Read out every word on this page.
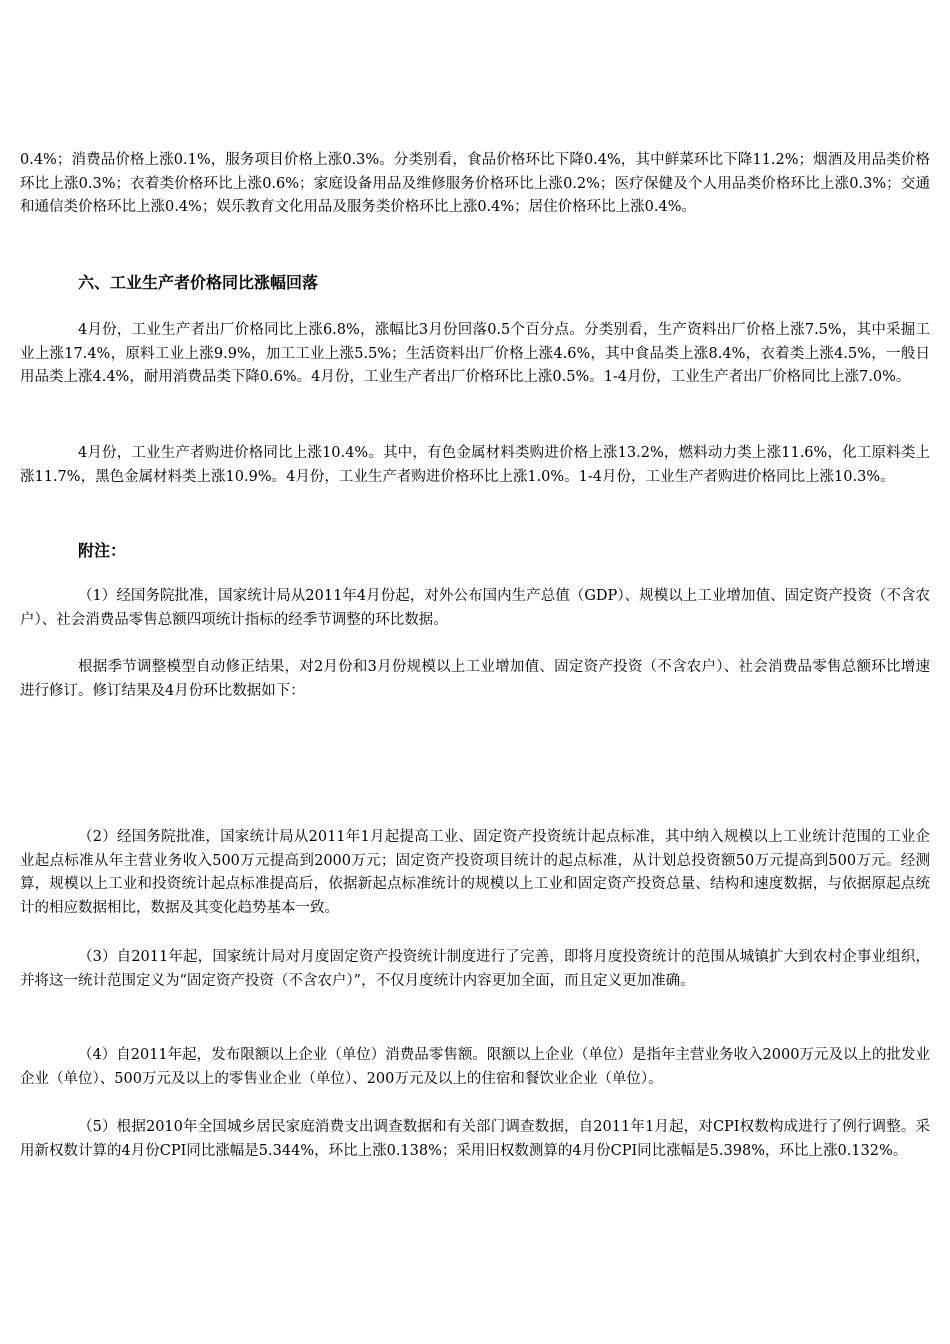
0.4%；消费品价格上涨0.1%，服务项目价格上涨0.3%。分类别看，食品价格环比下降0.4%，其中鲜菜环比下降11.2%；烟酒及用品类价格环比上涨0.3%；衣着类价格环比上涨0.6%；家庭设备用品及维修服务价格环比上涨0.2%；医疗保健及个人用品类价格环比上涨0.3%；交通和通信类价格环比上涨0.4%；娱乐教育文化用品及服务类价格环比上涨0.4%；居住价格环比上涨0.4%。

六、工业生产者价格同比涨幅回落

4月份，工业生产者出厂价格同比上涨6.8%，涨幅比3月份回落0.5个百分点。分类别看，生产资料出厂价格上涨7.5%，其中采掘工业上涨17.4%，原料工业上涨9.9%，加工工业上涨5.5%；生活资料出厂价格上涨4.6%，其中食品类上涨8.4%，衣着类上涨4.5%，一般日用品类上涨4.4%，耐用消费品类下降0.6%。4月份，工业生产者出厂价格环比上涨0.5%。1-4月份，工业生产者出厂价格同比上涨7.0%。

4月份，工业生产者购进价格同比上涨10.4%。其中，有色金属材料类购进价格上涨13.2%，燃料动力类上涨11.6%，化工原料类上涨11.7%，黑色金属材料类上涨10.9%。4月份，工业生产者购进价格环比上涨1.0%。1-4月份，工业生产者购进价格同比上涨10.3%。

附注：

（1）经国务院批准，国家统计局从2011年4月份起，对外公布国内生产总值（GDP）、规模以上工业增加值、固定资产投资（不含农户）、社会消费品零售总额四项统计指标的经季节调整的环比数据。

根据季节调整模型自动修正结果，对2月份和3月份规模以上工业增加值、固定资产投资（不含农户）、社会消费品零售总额环比增速进行修订。修订结果及4月份环比数据如下：

（2）经国务院批准，国家统计局从2011年1月起提高工业、固定资产投资统计起点标准，其中纳入规模以上工业统计范围的工业企业起点标准从年主营业务收入500万元提高到2000万元；固定资产投资项目统计的起点标准，从计划总投资额50万元提高到500万元。经测算，规模以上工业和投资统计起点标准提高后，依据新起点标准统计的规模以上工业和固定资产投资总量、结构和速度数据，与依据原起点统计的相应数据相比，数据及其变化趋势基本一致。

（3）自2011年起，国家统计局对月度固定资产投资统计制度进行了完善，即将月度投资统计的范围从城镇扩大到农村企事业组织，并将这一统计范围定义为“固定资产投资（不含农户）”，不仅月度统计内容更加全面，而且定义更加准确。

（4）自2011年起，发布限额以上企业（单位）消费品零售额。限额以上企业（单位）是指年主营业务收入2000万元及以上的批发业企业（单位）、500万元及以上的零售业企业（单位）、200万元及以上的住宿和餐饮业企业（单位）。

（5）根据2010年全国城乡居民家庭消费支出调查数据和有关部门调查数据，自2011年1月起，对CPI权数构成进行了例行调整。采用新权数计算的4月份CPI同比涨幅是5.344%，环比上涨0.138%；采用旧权数测算的4月份CPI同比涨幅是5.398%，环比上涨0.132%。
